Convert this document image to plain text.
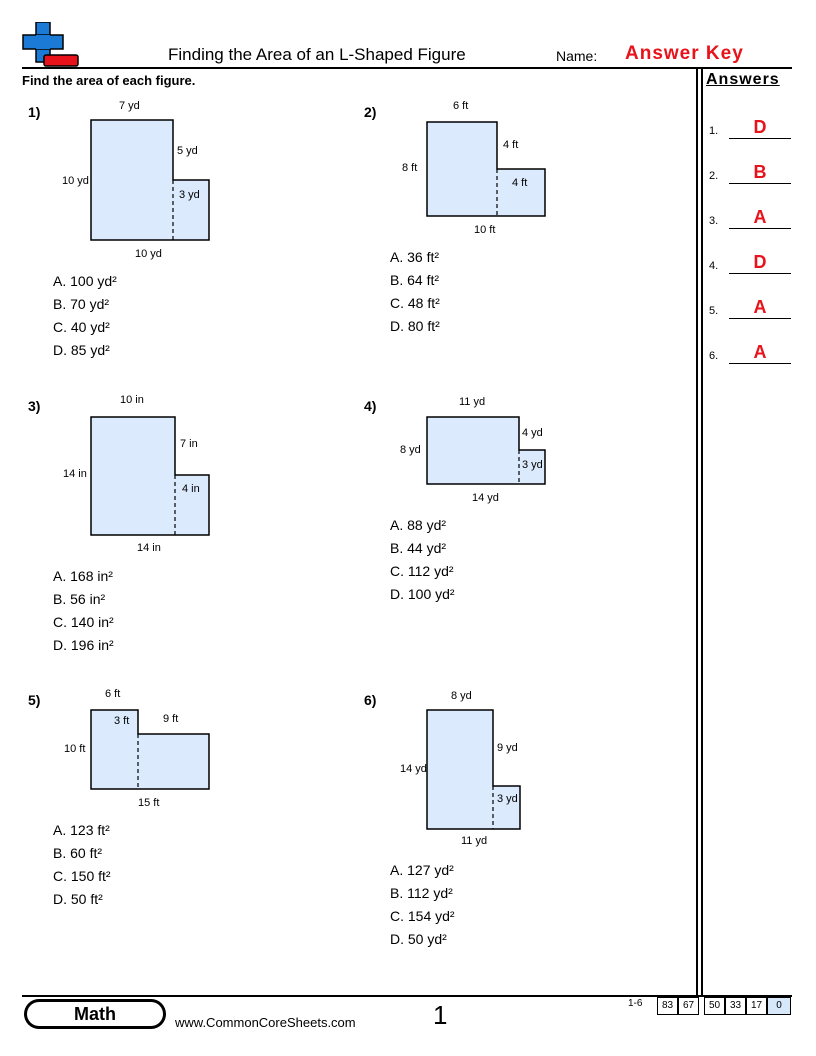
Finding the Area of an L-Shaped Figure	Name: Answer Key
Find the area of each figure.	Answers
1.	D
2.	B
3.	A
4.	D
5.	A
6.	A
1)	7 yd
10 yd
5 yd
3 yd
10 yd
A. 100 yd²
B. 70 yd²
C. 40 yd²
D. 85 yd²
2)	6 ft
8 ft
4 ft
4 ft
10 ft
A. 36 ft²
B. 64 ft²
C. 48 ft²
D. 80 ft²
3)	10 in
14 in
7 in
4 in
14 in
A. 168 in²
B. 56 in²
C. 140 in²
D. 196 in²
4)	11 yd
8 yd
4 yd
3 yd
14 yd
A. 88 yd²
B. 44 yd²
C. 112 yd²
D. 100 yd²
5)	6 ft
10 ft
3 ft	9 ft
15 ft
A. 123 ft²
B. 60 ft²
C. 150 ft²
D. 50 ft²
6)	8 yd
14 yd
9 yd
3 yd
11 yd
A. 127 yd²
B. 112 yd²
C. 154 yd²
D. 50 yd²
Math	www.CommonCoreSheets.com	1	1-6	83 67	50 33 17	0
